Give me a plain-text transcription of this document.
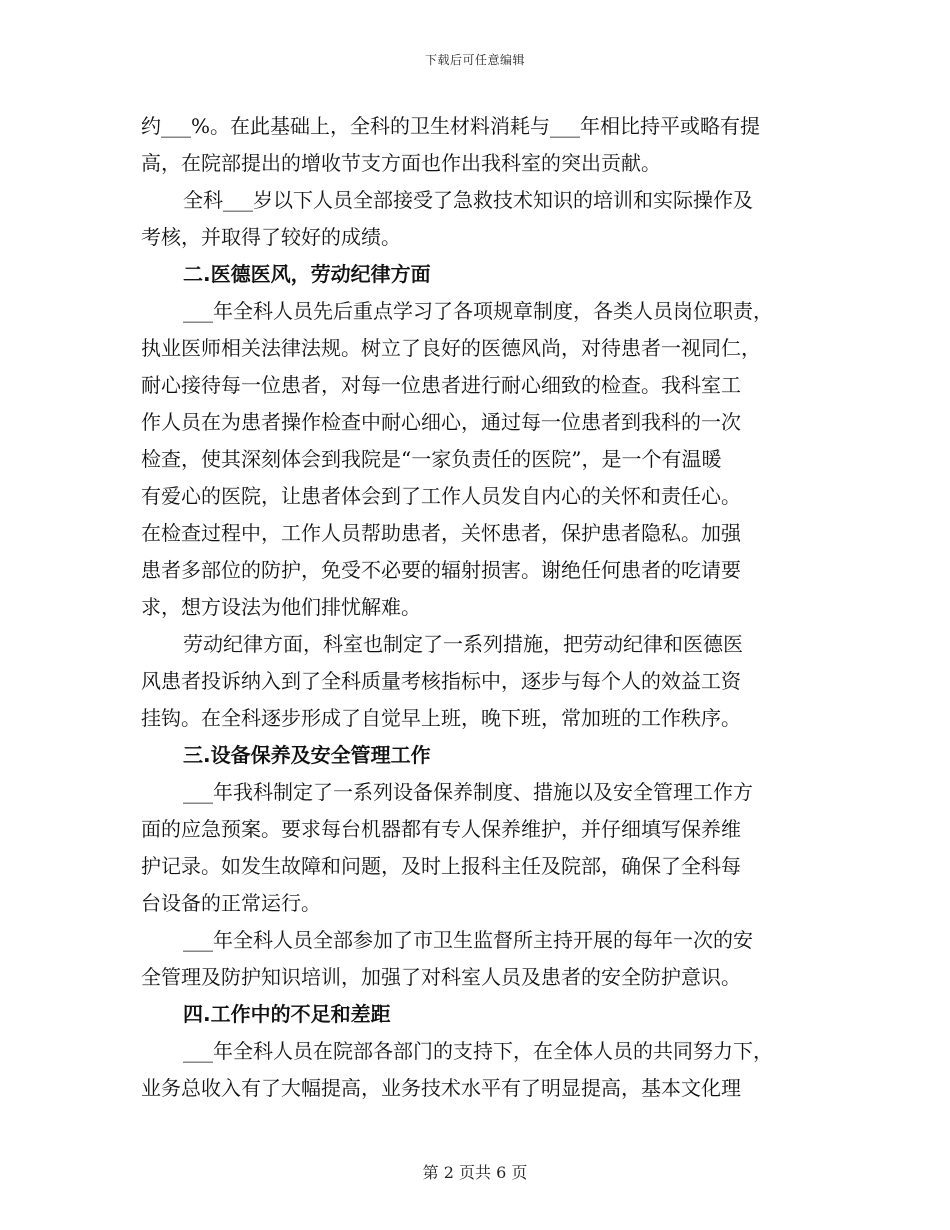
下载后可任意编辑

约___%。在此基础上，全科的卫生材料消耗与___年相比持平或略有提

高，在院部提出的增收节支方面也作出我科室的突出贡献。

全科___岁以下人员全部接受了急救技术知识的培训和实际操作及

考核，并取得了较好的成绩。

二.医德医风，劳动纪律方面

___年全科人员先后重点学习了各项规章制度，各类人员岗位职责，

执业医师相关法律法规。树立了良好的医德风尚，对待患者一视同仁，

耐心接待每一位患者，对每一位患者进行耐心细致的检查。我科室工

作人员在为患者操作检查中耐心细心，通过每一位患者到我科的一次

检查，使其深刻体会到我院是“一家负责任的医院”，是一个有温暖

有爱心的医院，让患者体会到了工作人员发自内心的关怀和责任心。

在检查过程中，工作人员帮助患者，关怀患者，保护患者隐私。加强

患者多部位的防护，免受不必要的辐射损害。谢绝任何患者的吃请要

求，想方设法为他们排忧解难。

劳动纪律方面，科室也制定了一系列措施，把劳动纪律和医德医

风患者投诉纳入到了全科质量考核指标中，逐步与每个人的效益工资

挂钩。在全科逐步形成了自觉早上班，晚下班，常加班的工作秩序。

三.设备保养及安全管理工作

___年我科制定了一系列设备保养制度、措施以及安全管理工作方

面的应急预案。要求每台机器都有专人保养维护，并仔细填写保养维

护记录。如发生故障和问题，及时上报科主任及院部，确保了全科每

台设备的正常运行。

___年全科人员全部参加了市卫生监督所主持开展的每年一次的安

全管理及防护知识培训，加强了对科室人员及患者的安全防护意识。

四.工作中的不足和差距

___年全科人员在院部各部门的支持下，在全体人员的共同努力下，

业务总收入有了大幅提高，业务技术水平有了明显提高，基本文化理

第 2 页共 6 页
